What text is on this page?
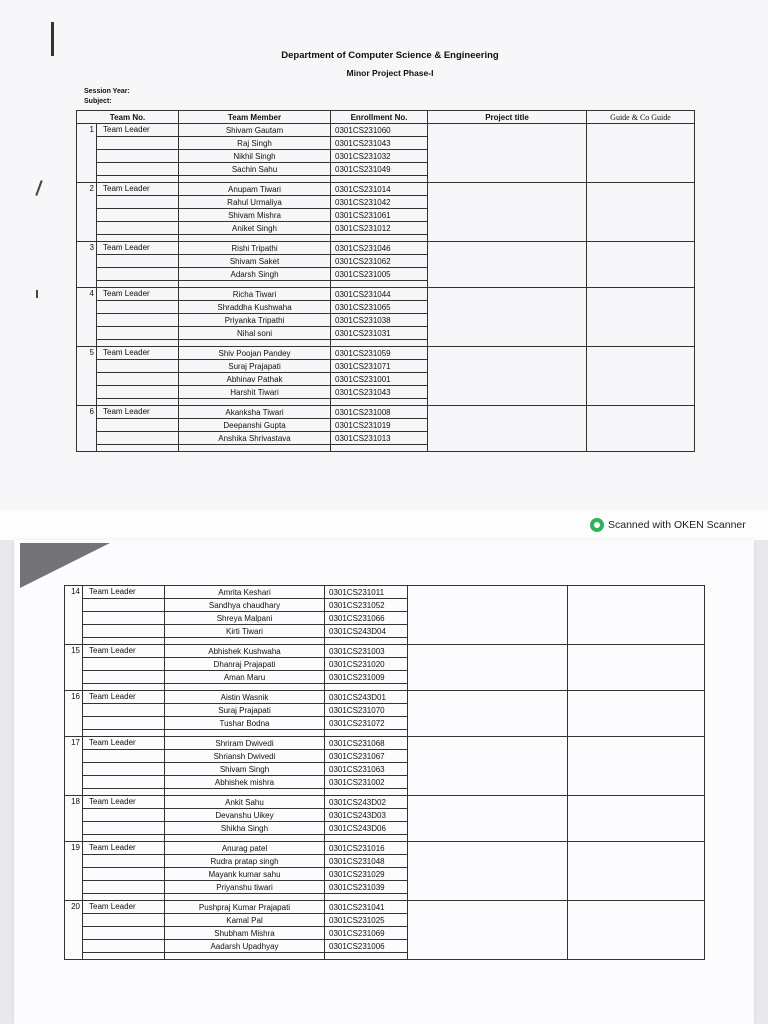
Department of Computer Science & Engineering
Minor Project Phase-I
Session Year:
Subject:
Team No.		Team Member	Enrollment No.	Project title	Guide & Co Guide
1	Team Leader	Shivam Gautam	0301CS231060		
		Raj Singh	0301CS231043		
		Nikhil Singh	0301CS231032		
		Sachin Sahu	0301CS231049		

2	Team Leader	Anupam Tiwari	0301CS231014		
		Rahul Urmaliya	0301CS231042		
		Shivam Mishra	0301CS231061		
		Aniket Singh	0301CS231012		

3	Team Leader	Rishi Tripathi	0301CS231046		
		Shivam Saket	0301CS231062		
		Adarsh Singh	0301CS231005		

4	Team Leader	Richa Tiwari	0301CS231044		
		Shraddha Kushwaha	0301CS231065		
		Priyanka Tripathi	0301CS231038		
		Nihal soni	0301CS231031		

5	Team Leader	Shiv Poojan Pandey	0301CS231059		
		Suraj Prajapati	0301CS231071		
		Abhinav Pathak	0301CS231001		
		Harshit Tiwari	0301CS231043		

6	Team Leader	Akanksha Tiwari	0301CS231008		
		Deepanshi Gupta	0301CS231019		
		Anshika Shrivastava	0301CS231013		

14	Team Leader	Amrita Keshari	0301CS231011		
		Sandhya chaudhary	0301CS231052		
		Shreya Malpani	0301CS231066		
		Kirti Tiwari	0301CS243D04		

15	Team Leader	Abhishek Kushwaha	0301CS231003		
		Dhanraj Prajapati	0301CS231020		
		Aman Maru	0301CS231009		

16	Team Leader	Aistin Wasnik	0301CS243D01		
		Suraj Prajapati	0301CS231070		
		Tushar Bodna	0301CS231072		

17	Team Leader	Shriram Dwivedi	0301CS231068		
		Shriansh Dwivedi	0301CS231067		
		Shivam Singh	0301CS231063		
		Abhishek mishra	0301CS231002		

18	Team Leader	Ankit Sahu	0301CS243D02		
		Devanshu Uikey	0301CS243D03		
		Shikha Singh	0301CS243D06		

19	Team Leader	Anurag patel	0301CS231016		
		Rudra pratap singh	0301CS231048		
		Mayank kumar sahu	0301CS231029		
		Priyanshu tiwari	0301CS231039		

20	Team Leader	Pushpraj Kumar Prajapati	0301CS231041		
		Kamal Pal	0301CS231025		
		Shubham Mishra	0301CS231069		
		Aadarsh Upadhyay	0301CS231006		

Scanned with OKEN Scanner
